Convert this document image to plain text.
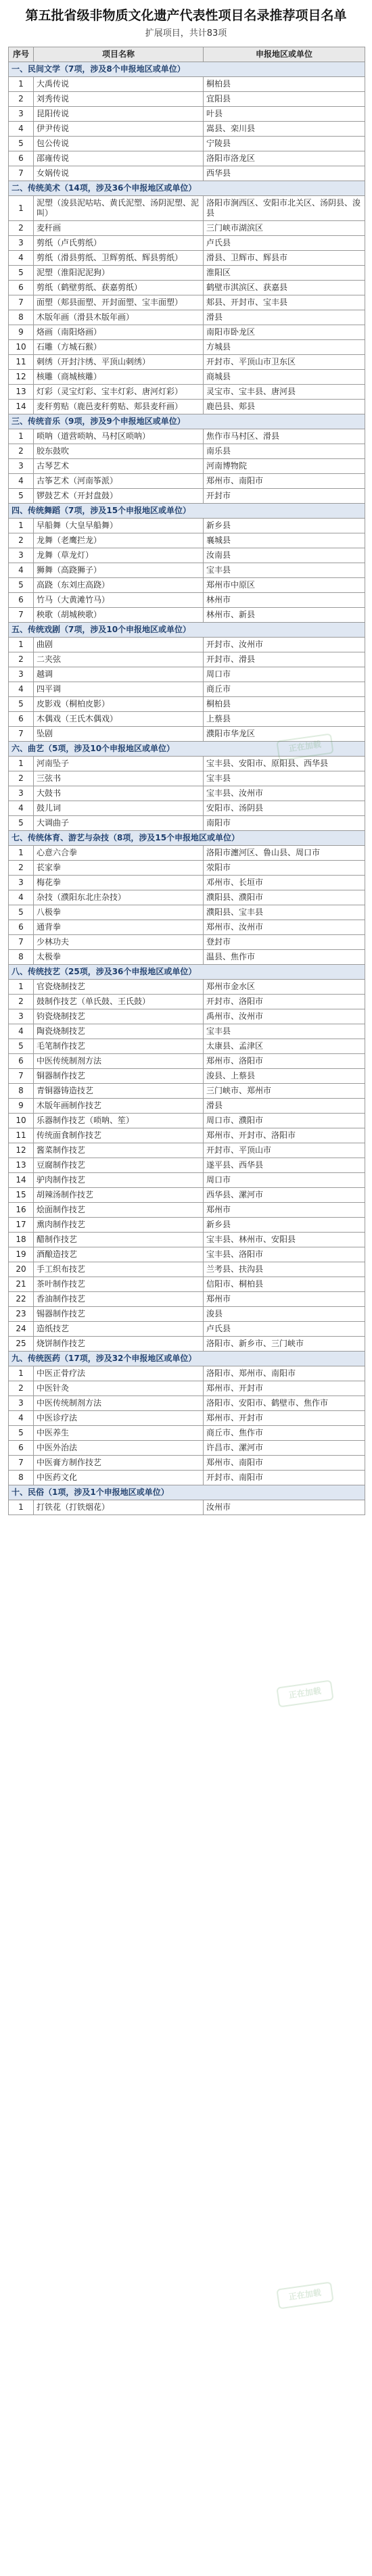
第五批省级非物质文化遗产代表性项目名录推荐项目名单
扩展项目，共计83项
序号	项目名称	申报地区或单位
一、民间文学（7项，涉及8个申报地区或单位）		
1	大禹传说	桐柏县
2	刘秀传说	宜阳县
3	昆阳传说	叶县
4	伊尹传说	嵩县、栾川县
5	包公传说	宁陵县
6	邵雍传说	洛阳市洛龙区
7	女娲传说	西华县
二、传统美术（14项，涉及36个申报地区或单位）		
1	泥塑（浚县泥咕咕、黄氏泥塑、汤阴泥塑、泥叫）	洛阳市涧西区、安阳市北关区、汤阴县、浚县
2	麦秆画	三门峡市湖滨区
3	剪纸（卢氏剪纸）	卢氏县
4	剪纸（滑县剪纸、卫辉剪纸、辉县剪纸）	滑县、卫辉市、辉县市
5	泥塑（淮阳泥泥狗）	淮阳区
6	剪纸（鹤壁剪纸、获嘉剪纸）	鹤壁市淇滨区、获嘉县
7	面塑（郏县面塑、开封面塑、宝丰面塑）	郏县、开封市、宝丰县
8	木版年画（滑县木版年画）	滑县
9	烙画（南阳烙画）	南阳市卧龙区
10	石雕（方城石猴）	方城县
11	刺绣（开封汴绣、平顶山刺绣）	开封市、平顶山市卫东区
12	核雕（商城核雕）	商城县
13	灯彩（灵宝灯彩、宝丰灯彩、唐河灯彩）	灵宝市、宝丰县、唐河县
14	麦秆剪贴（鹿邑麦秆剪贴、郏县麦秆画）	鹿邑县、郏县
三、传统音乐（9项，涉及9个申报地区或单位）		
1	唢呐（道营唢呐、马村区唢呐）	焦作市马村区、滑县
2	胶东鼓吹	南乐县
3	古琴艺术	河南博物院
4	古筝艺术（河南筝派）	郑州市、南阳市
5	锣鼓艺术（开封盘鼓）	开封市
四、传统舞蹈（7项，涉及15个申报地区或单位）		
1	早船舞（大皇早船舞）	新乡县
2	龙舞（老鹰拦龙）	襄城县
3	龙舞（草龙灯）	汝南县
4	狮舞（高跷狮子）	宝丰县
5	高跷（东刘庄高跷）	郑州市中原区
6	竹马（大黄滩竹马）	林州市
7	秧歌（胡城秧歌）	林州市、新县
五、传统戏剧（7项，涉及10个申报地区或单位）		
1	曲剧	开封市、汝州市
2	二夹弦	开封市、滑县
3	越调	周口市
4	四平调	商丘市
5	皮影戏（桐柏皮影）	桐柏县
6	木偶戏（王氏木偶戏）	上蔡县
7	坠剧	濮阳市华龙区
六、曲艺（5项，涉及10个申报地区或单位）		
1	河南坠子	宝丰县、安阳市、原阳县、西华县
2	三弦书	宝丰县
3	大鼓书	宝丰县、汝州市
4	鼓儿词	安阳市、汤阴县
5	大调曲子	南阳市
七、传统体育、游艺与杂技（8项，涉及15个申报地区或单位）		
1	心意六合拳	洛阳市瀍河区、鲁山县、周口市
2	苌家拳	荥阳市
3	梅花拳	邓州市、长垣市
4	杂技（濮阳东北庄杂技）	濮阳县、濮阳市
5	八极拳	濮阳县、宝丰县
6	通背拳	郑州市、汝州市
7	少林功夫	登封市
8	太极拳	温县、焦作市
八、传统技艺（25项，涉及36个申报地区或单位）		
1	官瓷烧制技艺	郑州市金水区
2	鼓制作技艺（单氏鼓、王氏鼓）	开封市、洛阳市
3	钧瓷烧制技艺	禹州市、汝州市
4	陶瓷烧制技艺	宝丰县
5	毛笔制作技艺	太康县、孟津区
6	中医传统制剂方法	郑州市、洛阳市
7	铜器制作技艺	浚县、上蔡县
8	青铜器铸造技艺	三门峡市、郑州市
9	木版年画制作技艺	滑县
10	乐器制作技艺（唢呐、笙）	周口市、濮阳市
11	传统面食制作技艺	郑州市、开封市、洛阳市
12	酱菜制作技艺	开封市、平顶山市
13	豆腐制作技艺	遂平县、西华县
14	驴肉制作技艺	周口市
15	胡辣汤制作技艺	西华县、漯河市
16	烩面制作技艺	郑州市
17	熏肉制作技艺	新乡县
18	醋制作技艺	宝丰县、林州市、安阳县
19	酒酿造技艺	宝丰县、洛阳市
20	手工织布技艺	兰考县、扶沟县
21	茶叶制作技艺	信阳市、桐柏县
22	香油制作技艺	郑州市
23	锡器制作技艺	浚县
24	造纸技艺	卢氏县
25	烧饼制作技艺	洛阳市、新乡市、三门峡市
九、传统医药（17项，涉及32个申报地区或单位）		
1	中医正骨疗法	洛阳市、郑州市、南阳市
2	中医针灸	郑州市、开封市
3	中医传统制剂方法	洛阳市、安阳市、鹤壁市、焦作市
4	中医诊疗法	郑州市、开封市
5	中医养生	商丘市、焦作市
6	中医外治法	许昌市、漯河市
7	中医膏方制作技艺	郑州市、南阳市
8	中医药文化	开封市、南阳市
十、民俗（1项，涉及1个申报地区或单位）		
1	打铁花（打铁烟花）	汝州市
正在加载
正在加载
正在加载
